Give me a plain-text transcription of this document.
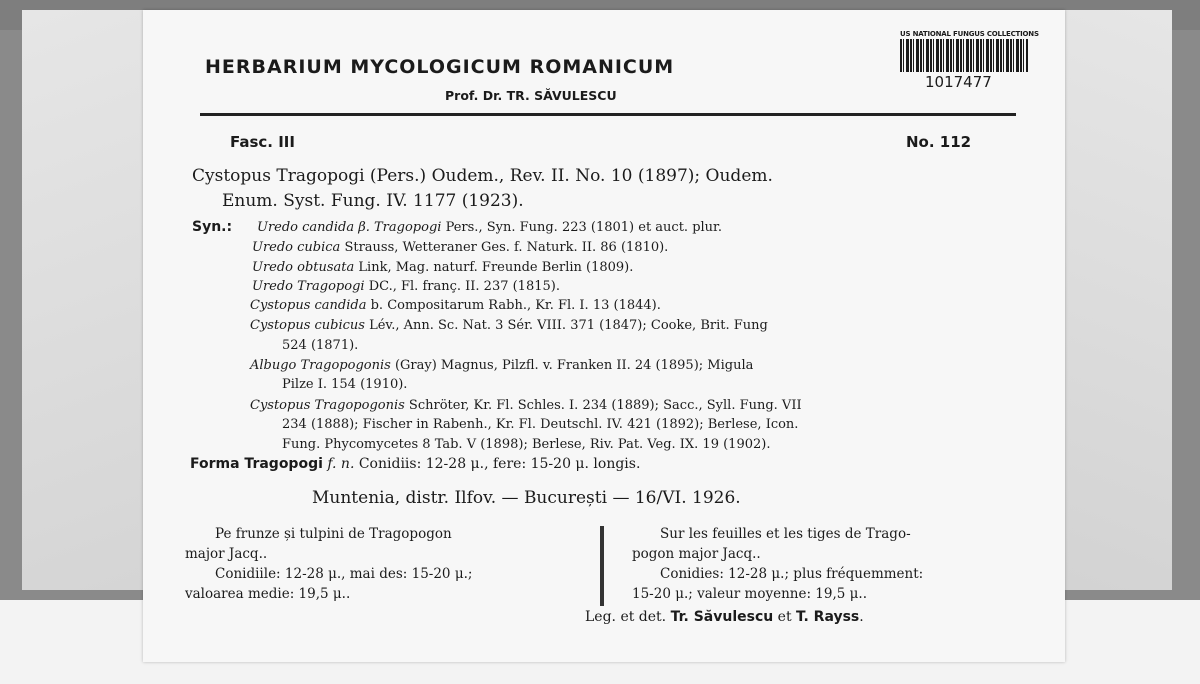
HERBARIUM MYCOLOGICUM ROMANICUM
Prof. Dr. TR. SĂVULESCU
US NATIONAL FUNGUS COLLECTIONS
1017477
Fasc. III	No. 112
Cystopus Tragopogi (Pers.) Oudem., Rev. II. No. 10 (1897); Oudem.
Enum. Syst. Fung. IV. 1177 (1923).
Syn.: Uredo candida β. Tragopogi Pers., Syn. Fung. 223 (1801) et auct. plur.
Uredo cubica Strauss, Wetteraner Ges. f. Naturk. II. 86 (1810).
Uredo obtusata Link, Mag. naturf. Freunde Berlin (1809).
Uredo Tragopogi DC., Fl. franç. II. 237 (1815).
Cystopus candida b. Compositarum Rabh., Kr. Fl. I. 13 (1844).
Cystopus cubicus Lév., Ann. Sc. Nat. 3 Sér. VIII. 371 (1847); Cooke, Brit. Fung
524 (1871).
Albugo Tragopogonis (Gray) Magnus, Pilzfl. v. Franken II. 24 (1895); Migula
Pilze I. 154 (1910).
Cystopus Tragopogonis Schröter, Kr. Fl. Schles. I. 234 (1889); Sacc., Syll. Fung. VII
234 (1888); Fischer in Rabenh., Kr. Fl. Deutschl. IV. 421 (1892); Berlese, Icon.
Fung. Phycomycetes 8 Tab. V (1898); Berlese, Riv. Pat. Veg. IX. 19 (1902).
Forma Tragopogi f. n. Conidiis: 12-28 μ., fere: 15-20 μ. longis.
Muntenia, distr. Ilfov. — București — 16/VI. 1926.
Pe frunze și tulpini de Tragopogon
major Jacq..
Conidiile: 12-28 μ., mai des: 15-20 μ.;
valoarea medie: 19,5 μ..
Sur les feuilles et les tiges de Trago-
pogon major Jacq..
Conidies: 12-28 μ.; plus fréquemment:
15-20 μ.; valeur moyenne: 19,5 μ..
Leg. et det. Tr. Săvulescu et T. Rayss.
